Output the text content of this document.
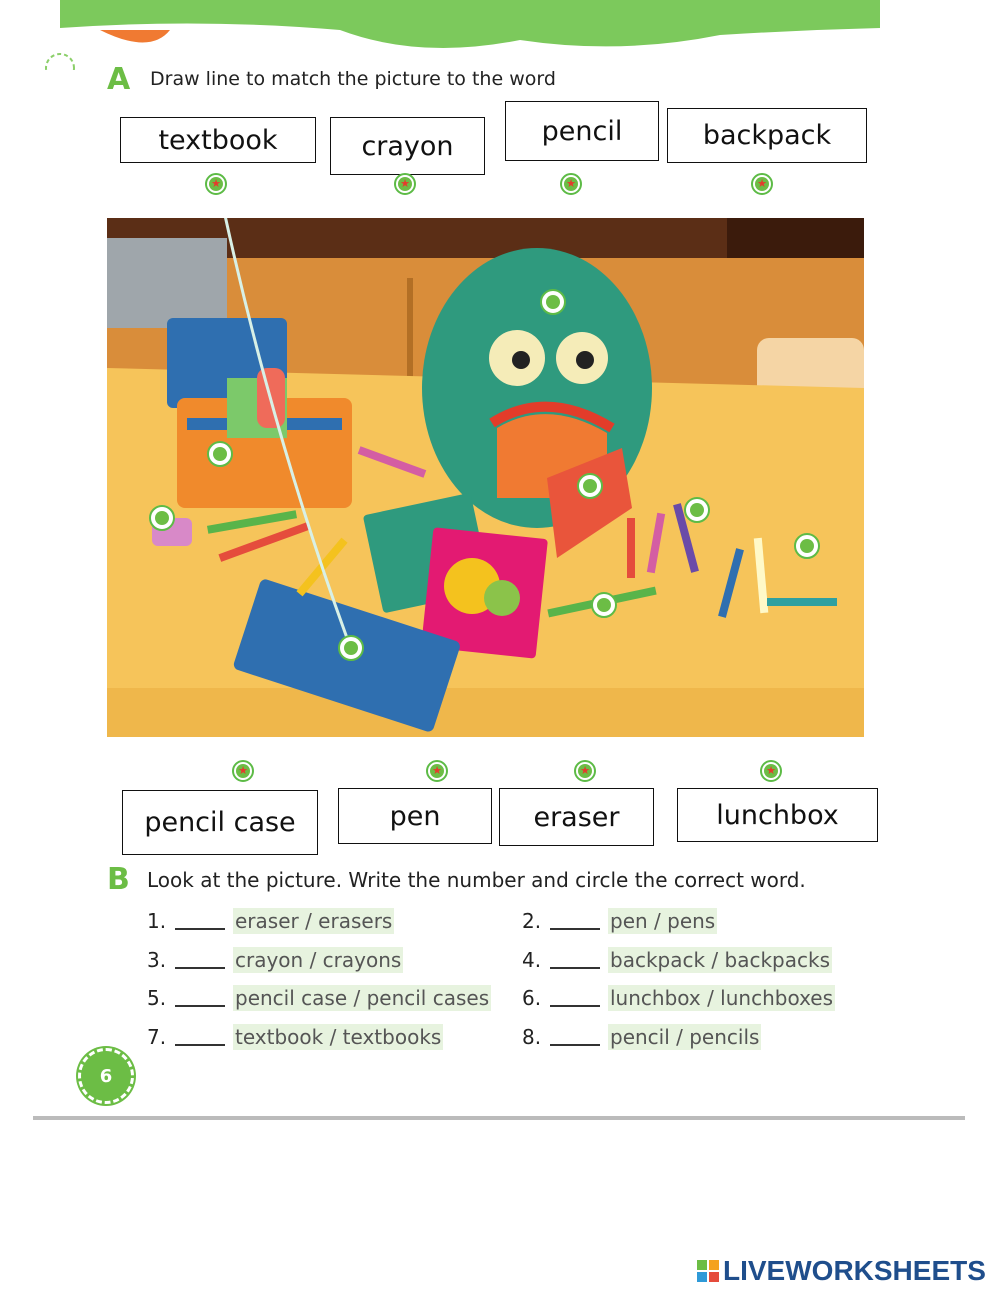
A Draw line to match the picture to the word
textbook	crayon	pencil	backpack
★	★	★	★
★	★	★	★
pencil case	pen	eraser	lunchbox
B Look at the picture. Write the number and circle the correct word.
1.	eraser / erasers	2.	pen / pens
3.	crayon / crayons	4.	backpack / backpacks
5.	pencil case / pencil cases 6.	lunchbox / lunchboxes
7.	textbook / textbooks	8.	pencil / pencils
6
LIVEWORKSHEETS
